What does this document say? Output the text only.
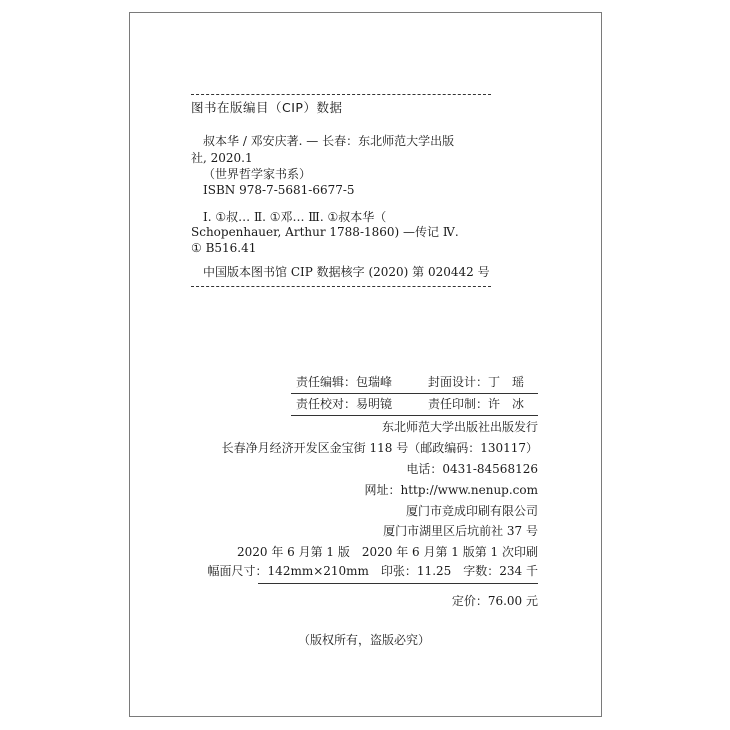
图书在版编目（CIP）数据
叔本华 / 邓安庆著. — 长春：东北师范大学出版
社, 2020.1
（世界哲学家书系）
ISBN 978-7-5681-6677-5
Ⅰ. ①叔… Ⅱ. ①邓… Ⅲ. ①叔本华（
Schopenhauer, Arthur 1788-1860) —传记 Ⅳ.
① B516.41
中国版本图书馆 CIP 数据核字 (2020) 第 020442 号
责任编辑：包瑞峰	封面设计：丁　瑶
责任校对：易明镜	责任印制：许　冰
东北师范大学出版社出版发行
长春净月经济开发区金宝街 118 号（邮政编码：130117）
电话：0431-84568126
网址：http://www.nenup.com
厦门市竞成印刷有限公司
厦门市湖里区后坑前社 37 号
2020 年 6 月第 1 版　2020 年 6 月第 1 版第 1 次印刷
幅面尺寸：142mm×210mm　印张：11.25　字数：234 千
定价：76.00 元
（版权所有，盗版必究）
